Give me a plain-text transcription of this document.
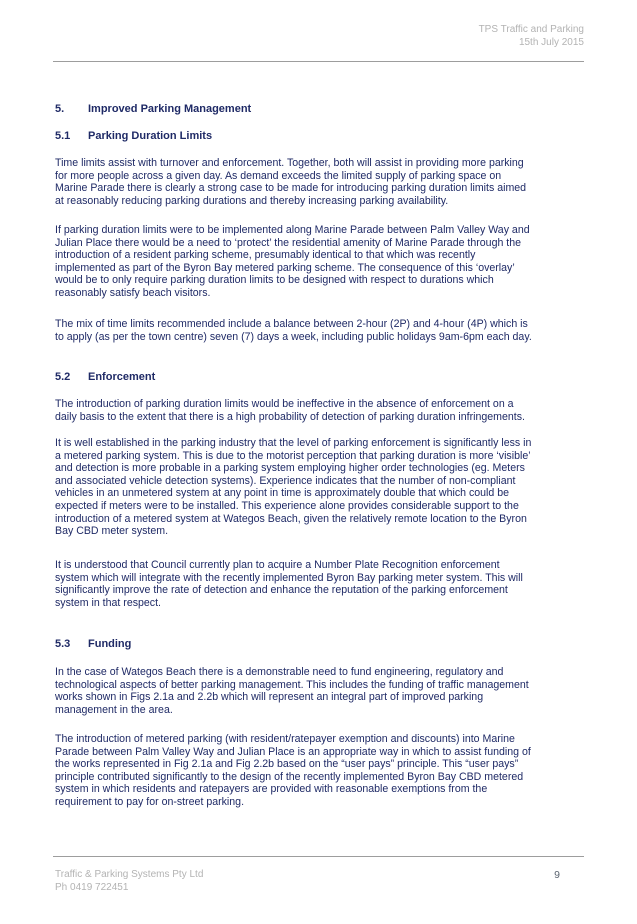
TPS Traffic and Parking
15th July 2015
5. Improved Parking Management
5.1 Parking Duration Limits
Time limits assist with turnover and enforcement. Together, both will assist in providing more parking
for more people across a given day. As demand exceeds the limited supply of parking space on
Marine Parade there is clearly a strong case to be made for introducing parking duration limits aimed
at reasonably reducing parking durations and thereby increasing parking availability.
If parking duration limits were to be implemented along Marine Parade between Palm Valley Way and
Julian Place there would be a need to ‘protect’ the residential amenity of Marine Parade through the
introduction of a resident parking scheme, presumably identical to that which was recently
implemented as part of the Byron Bay metered parking scheme. The consequence of this ‘overlay’
would be to only require parking duration limits to be designed with respect to durations which
reasonably satisfy beach visitors.
The mix of time limits recommended include a balance between 2-hour (2P) and 4-hour (4P) which is
to apply (as per the town centre) seven (7) days a week, including public holidays 9am-6pm each day.
5.2 Enforcement
The introduction of parking duration limits would be ineffective in the absence of enforcement on a
daily basis to the extent that there is a high probability of detection of parking duration infringements.
It is well established in the parking industry that the level of parking enforcement is significantly less in
a metered parking system. This is due to the motorist perception that parking duration is more ‘visible’
and detection is more probable in a parking system employing higher order technologies (eg. Meters
and associated vehicle detection systems). Experience indicates that the number of non-compliant
vehicles in an unmetered system at any point in time is approximately double that which could be
expected if meters were to be installed. This experience alone provides considerable support to the
introduction of a metered system at Wategos Beach, given the relatively remote location to the Byron
Bay CBD meter system.
It is understood that Council currently plan to acquire a Number Plate Recognition enforcement
system which will integrate with the recently implemented Byron Bay parking meter system. This will
significantly improve the rate of detection and enhance the reputation of the parking enforcement
system in that respect.
5.3 Funding
In the case of Wategos Beach there is a demonstrable need to fund engineering, regulatory and
technological aspects of better parking management. This includes the funding of traffic management
works shown in Figs 2.1a and 2.2b which will represent an integral part of improved parking
management in the area.
The introduction of metered parking (with resident/ratepayer exemption and discounts) into Marine
Parade between Palm Valley Way and Julian Place is an appropriate way in which to assist funding of
the works represented in Fig 2.1a and Fig 2.2b based on the “user pays” principle. This “user pays”
principle contributed significantly to the design of the recently implemented Byron Bay CBD metered
system in which residents and ratepayers are provided with reasonable exemptions from the
requirement to pay for on-street parking.
Traffic & Parking Systems Pty Ltd
Ph 0419 722451
9
